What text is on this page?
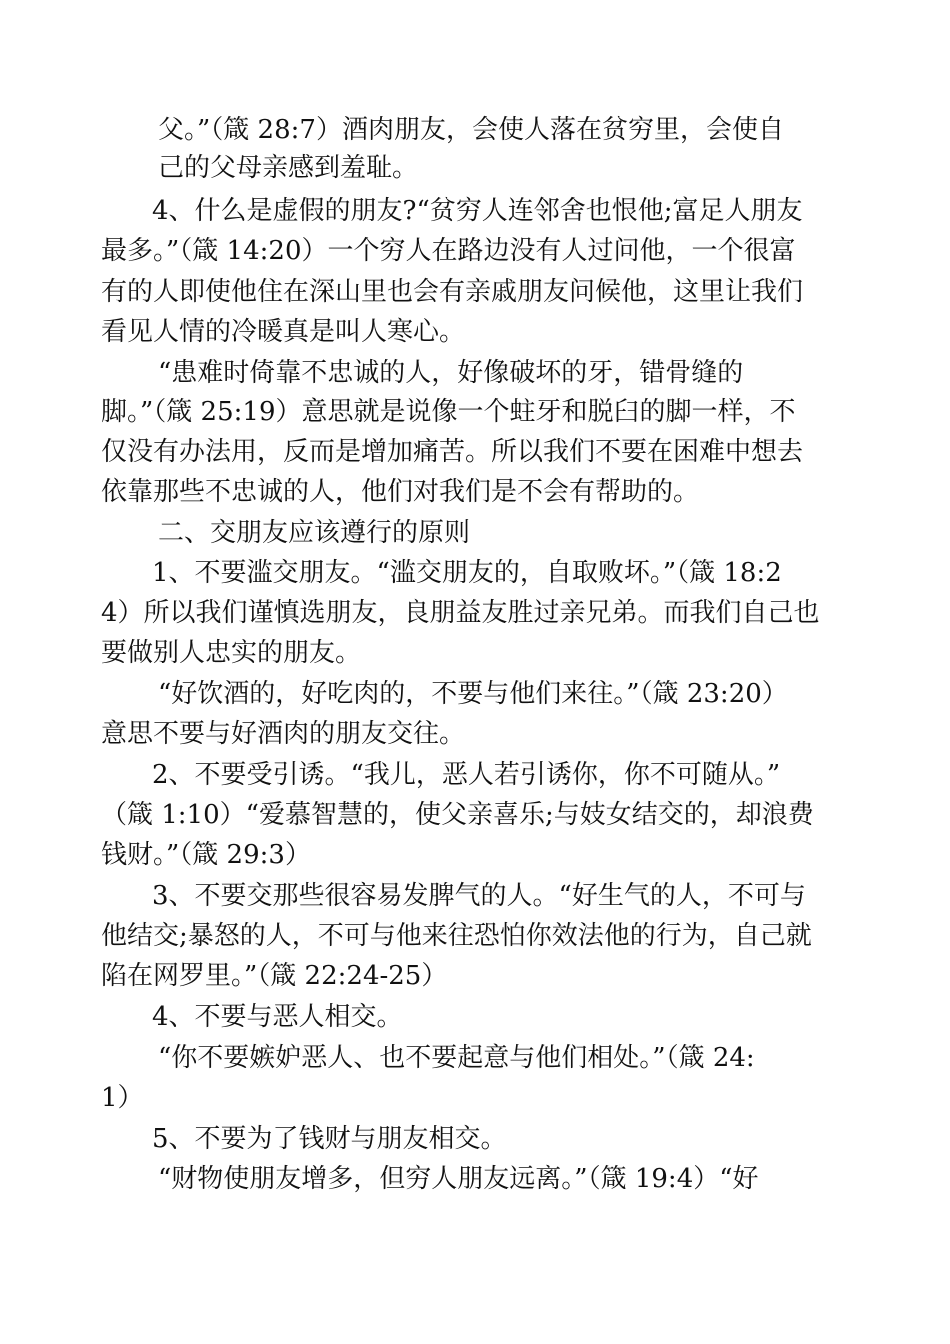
父。”（箴 28:7）酒肉朋友，会使人落在贫穷里，会使自
己的父母亲感到羞耻。
4、什么是虚假的朋友?“贫穷人连邻舍也恨他;富足人朋友
最多。”（箴 14:20）一个穷人在路边没有人过问他，一个很富
有的人即使他住在深山里也会有亲戚朋友问候他，这里让我们
看见人情的冷暖真是叫人寒心。
“患难时倚靠不忠诚的人，好像破坏的牙，错骨缝的
脚。”（箴 25:19）意思就是说像一个蛀牙和脱臼的脚一样，不
仅没有办法用，反而是增加痛苦。所以我们不要在困难中想去
依靠那些不忠诚的人，他们对我们是不会有帮助的。
二、交朋友应该遵行的原则
1、不要滥交朋友。“滥交朋友的，自取败坏。”（箴 18:2
4）所以我们谨慎选朋友，良朋益友胜过亲兄弟。而我们自己也
要做别人忠实的朋友。
“好饮酒的，好吃肉的，不要与他们来往。”（箴 23:20）
意思不要与好酒肉的朋友交往。
2、不要受引诱。“我儿，恶人若引诱你，你不可随从。”
（箴 1:10）“爱慕智慧的，使父亲喜乐;与妓女结交的，却浪费
钱财。”（箴 29:3）
3、不要交那些很容易发脾气的人。“好生气的人，不可与
他结交;暴怒的人，不可与他来往恐怕你效法他的行为，自己就
陷在网罗里。”（箴 22:24-25）
4、不要与恶人相交。
“你不要嫉妒恶人、也不要起意与他们相处。”（箴 24:
1）
5、不要为了钱财与朋友相交。
“财物使朋友增多，但穷人朋友远离。”（箴 19:4）“好
